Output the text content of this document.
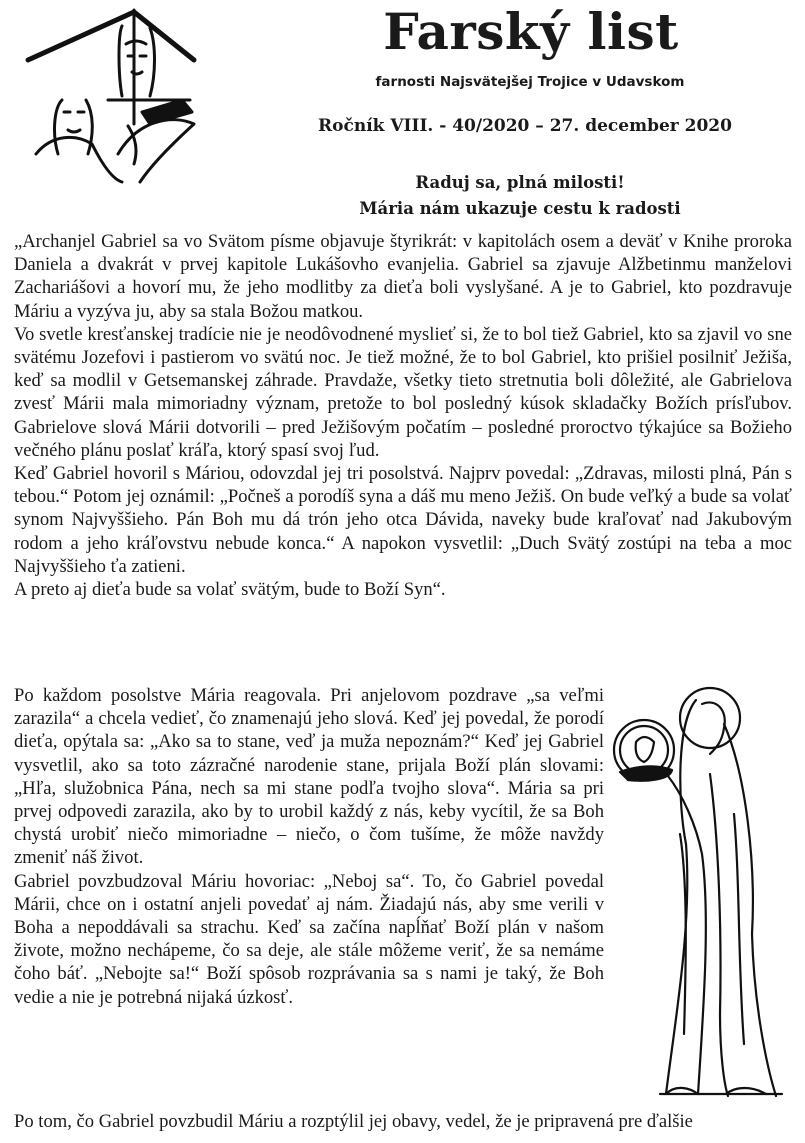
Farský list
farnosti Najsvätejšej Trojice v Udavskom
Ročník VIII. - 40/2020 – 27. december 2020
Raduj sa, plná milosti!
Mária nám ukazuje cestu k radosti

„Archanjel Gabriel sa vo Svätom písme objavuje štyrikrát: v kapitolách osem a deväť v Knihe proroka Daniela a dvakrát v prvej kapitole Lukášovho evanjelia. Gabriel sa zjavuje Alžbetinmu manželovi Zachariášovi a hovorí mu, že jeho modlitby za dieťa boli vyslyšané. A je to Gabriel, kto pozdravuje Máriu a vyzýva ju, aby sa stala Božou matkou.

Vo svetle kresťanskej tradície nie je neodôvodnené myslieť si, že to bol tiež Gabriel, kto sa zjavil vo sne svätému Jozefovi i pastierom vo svätú noc. Je tiež možné, že to bol Gabriel, kto prišiel posilniť Ježiša, keď sa modlil v Getsemanskej záhrade. Pravdaže, všetky tieto stretnutia boli dôležité, ale Gabrielova zvesť Márii mala mimoriadny význam, pretože to bol posledný kúsok skladačky Božích prísľubov. Gabrielove slová Márii dotvorili – pred Ježišovým počatím – posledné proroctvo týkajúce sa Božieho večného plánu poslať kráľa, ktorý spasí svoj ľud.

Keď Gabriel hovoril s Máriou, odovzdal jej tri posolstvá. Najprv povedal: „Zdravas, milosti plná, Pán s tebou.“ Potom jej oznámil: „Počneš a porodíš syna a dáš mu meno Ježiš. On bude veľký a bude sa volať synom Najvyššieho. Pán Boh mu dá trón jeho otca Dávida, naveky bude kraľovať nad Jakubovým rodom a jeho kráľovstvu nebude konca.“ A napokon vysvetlil: „Duch Svätý zostúpi na teba a moc Najvyššieho ťa zatieni.

A preto aj dieťa bude sa volať svätým, bude to Boží Syn“.

Po každom posolstve Mária reagovala. Pri anjelovom pozdrave „sa veľmi zarazila“ a chcela vedieť, čo znamenajú jeho slová. Keď jej povedal, že porodí dieťa, opýtala sa: „Ako sa to stane, veď ja muža nepoznám?“ Keď jej Gabriel vysvetlil, ako sa toto zázračné narodenie stane, prijala Boží plán slovami: „Hľa, služobnica Pána, nech sa mi stane podľa tvojho slova“. Mária sa pri prvej odpovedi zarazila, ako by to urobil každý z nás, keby vycítil, že sa Boh chystá urobiť niečo mimoriadne – niečo, o čom tušíme, že môže navždy zmeniť náš život.

Gabriel povzbudzoval Máriu hovoriac: „Neboj sa“. To, čo Gabriel povedal Márii, chce on i ostatní anjeli povedať aj nám. Žiadajú nás, aby sme verili v Boha a nepoddávali sa strachu. Keď sa začína napĺňať Boží plán v našom živote, možno nechápeme, čo sa deje, ale stále môžeme veriť, že sa nemáme čoho báť. „Nebojte sa!“ Boží spôsob rozprávania sa s nami je taký, že Boh vedie a nie je potrebná nijaká úzkosť.

Po tom, čo Gabriel povzbudil Máriu a rozptýlil jej obavy, vedel, že je pripravená pre ďalšie
